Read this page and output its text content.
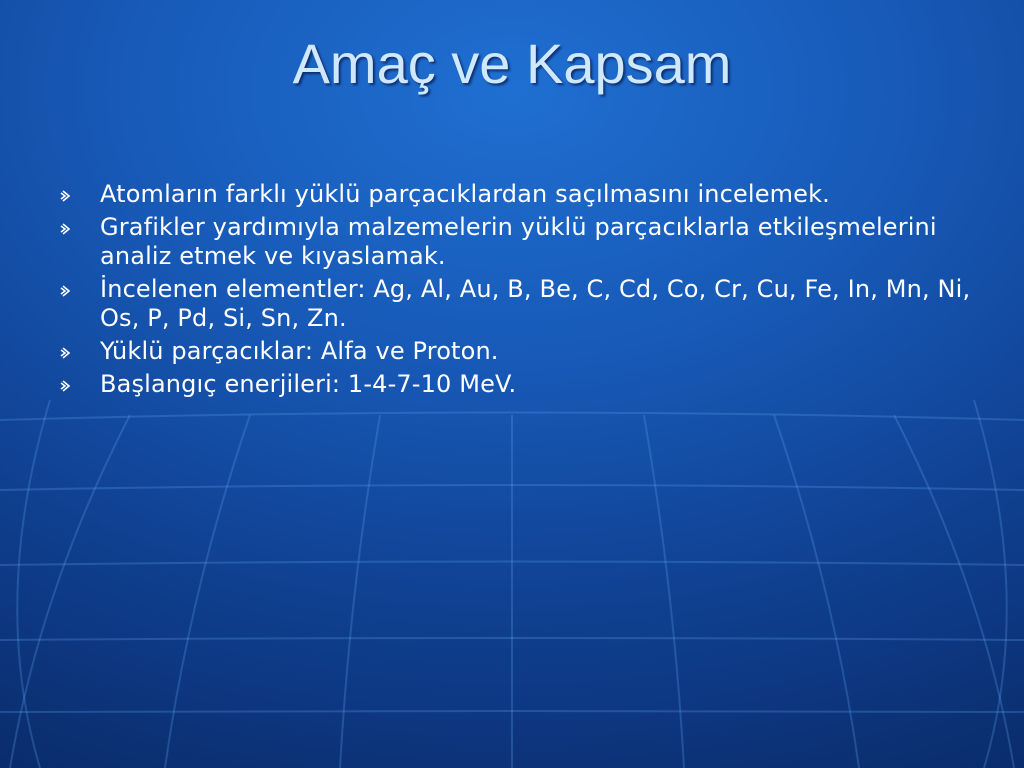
Amaç ve Kapsam
Atomların farklı yüklü parçacıklardan saçılmasını incelemek.
Grafikler yardımıyla malzemelerin yüklü parçacıklarla etkileşmelerini analiz etmek ve kıyaslamak.
İncelenen elementler: Ag, Al, Au, B, Be, C, Cd, Co, Cr, Cu, Fe, In, Mn, Ni, Os, P, Pd, Si, Sn, Zn.
Yüklü parçacıklar: Alfa ve Proton.
Başlangıç enerjileri: 1-4-7-10 MeV.
